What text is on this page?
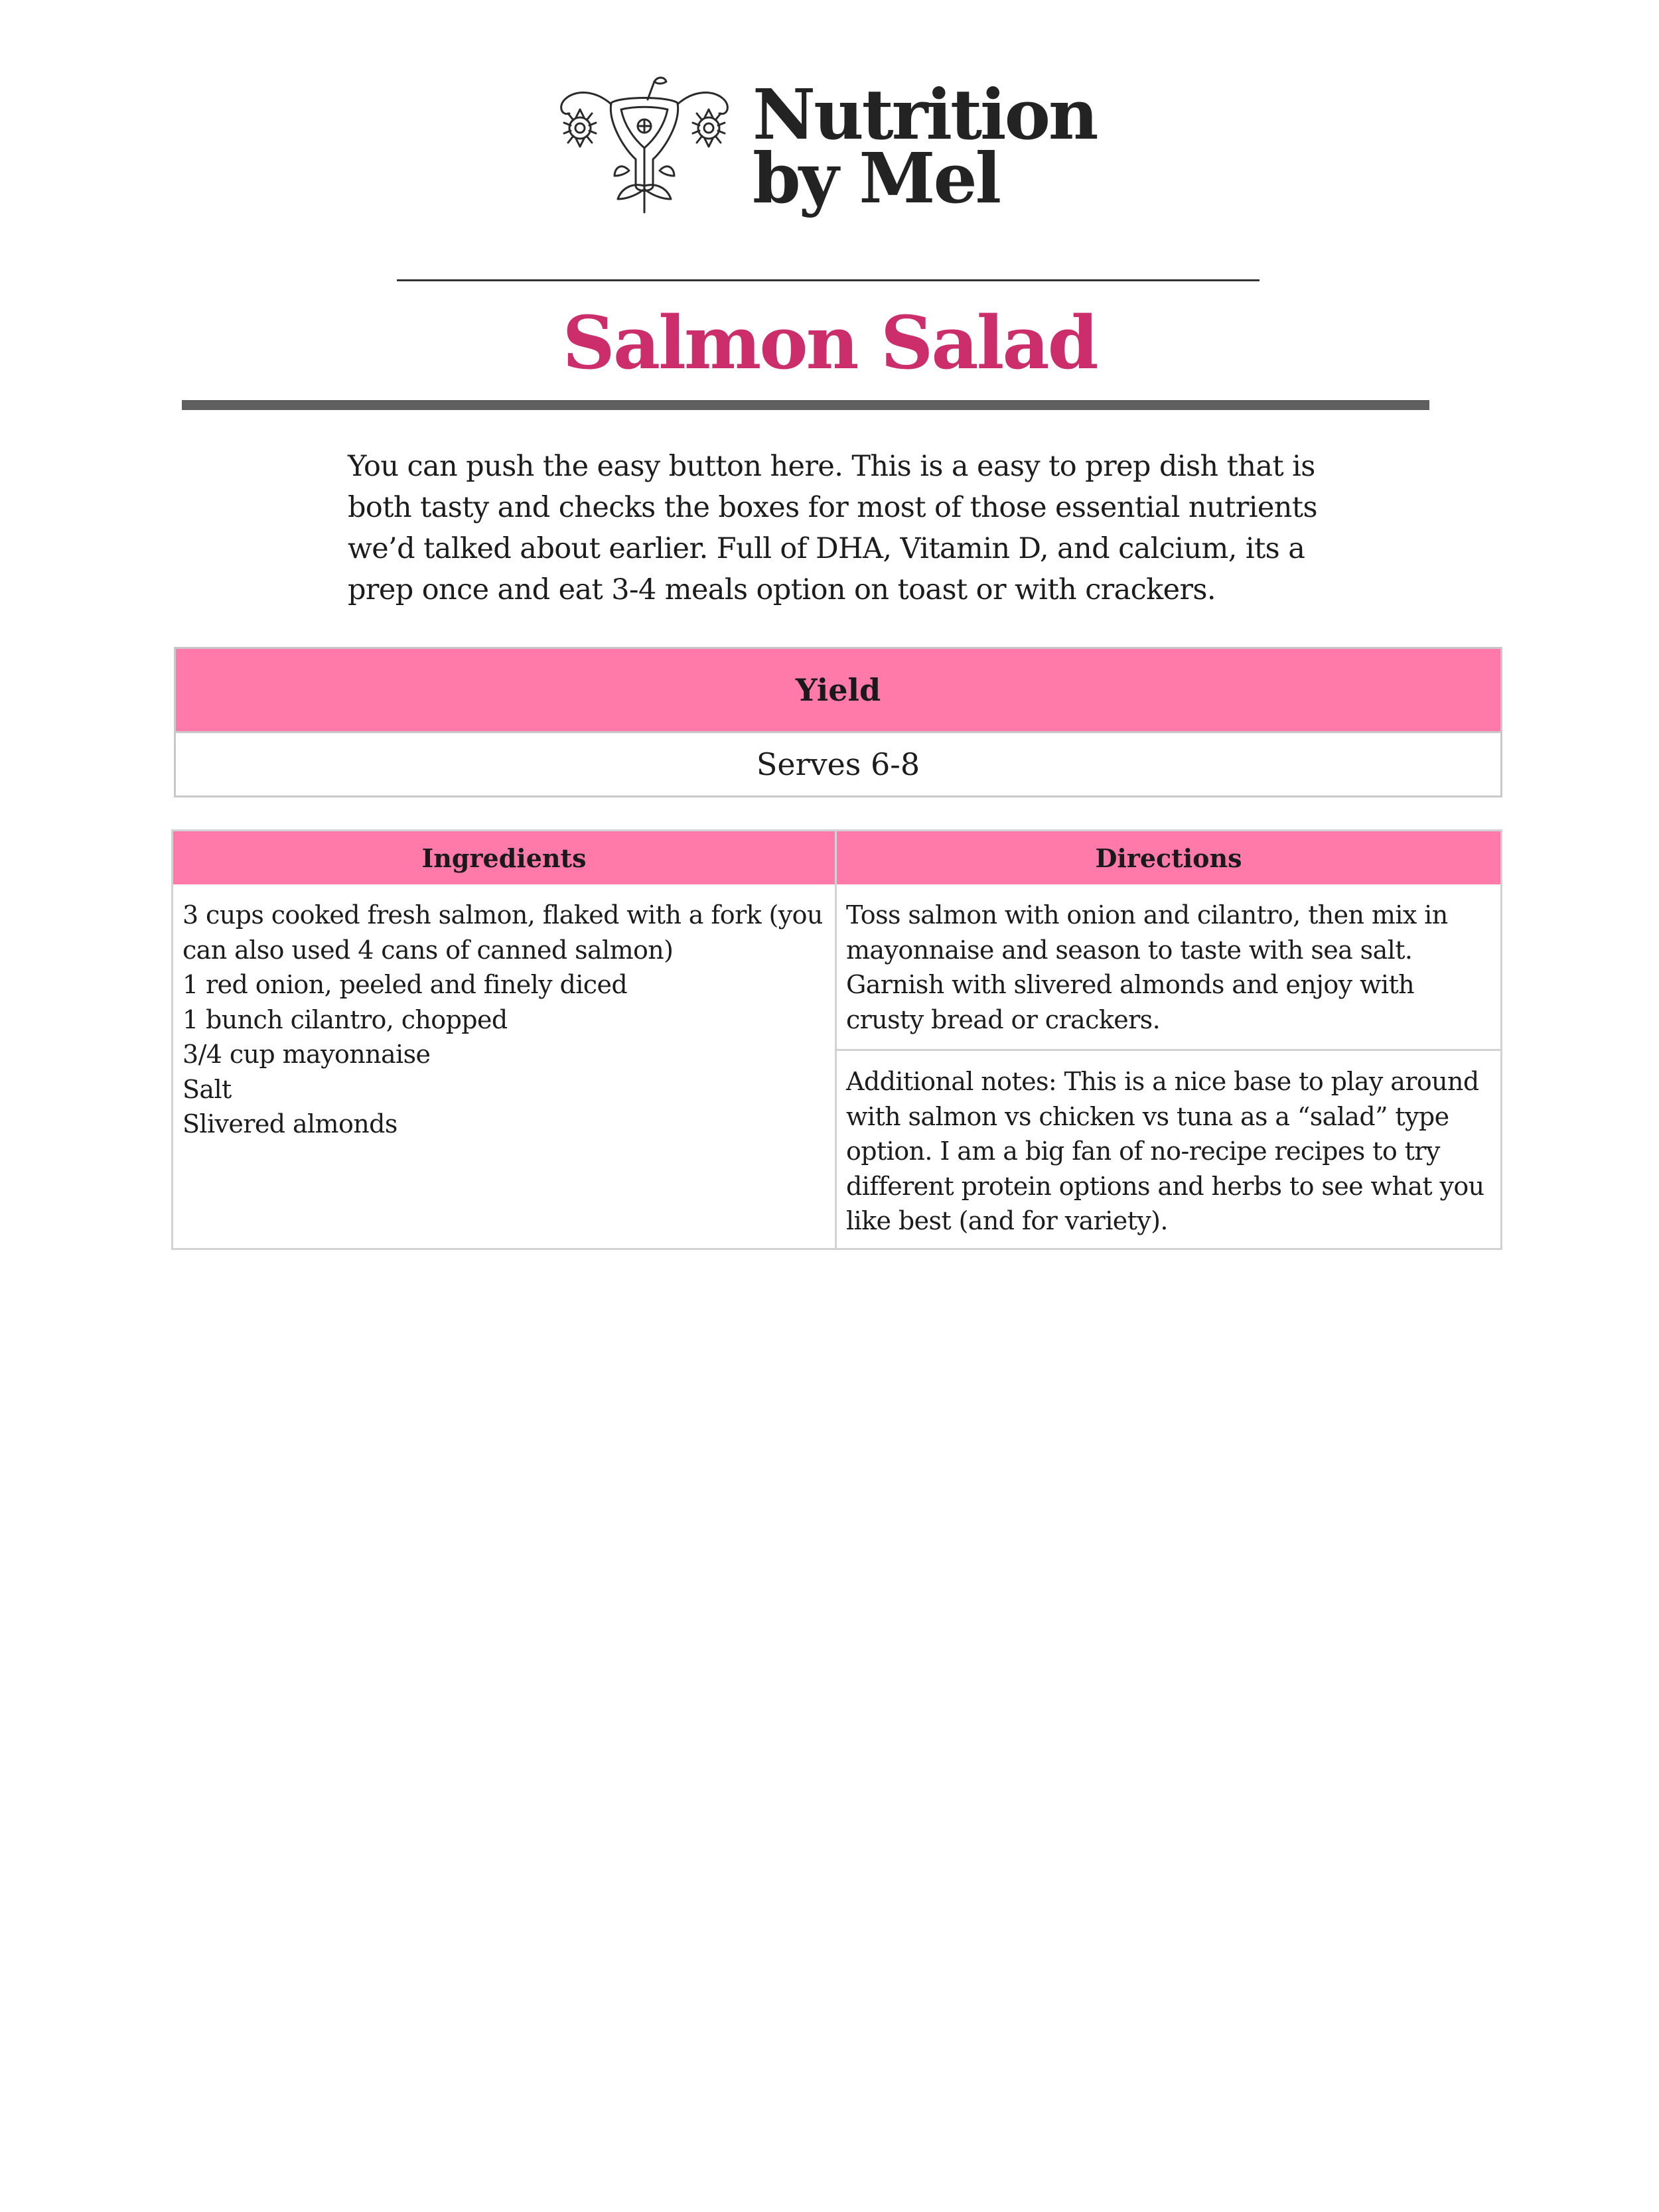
Nutrition
by Mel
Salmon Salad

You can push the easy button here. This is a easy to prep dish that is both tasty and checks the boxes for most of those essential nutrients we’d talked about earlier. Full of DHA, Vitamin D, and calcium, its a prep once and eat 3-4 meals option on toast or with crackers.

Yield
Serves 6-8
Ingredients
3 cups cooked fresh salmon, flaked with a fork (you can also used 4 cans of canned salmon)
1 red onion, peeled and finely diced
1 bunch cilantro, chopped
3/4 cup mayonnaise
Salt
Slivered almonds
Directions
Toss salmon with onion and cilantro, then mix in mayonnaise and season to taste with sea salt. Garnish with slivered almonds and enjoy with crusty bread or crackers.
Additional notes: This is a nice base to play around with salmon vs chicken vs tuna as a “salad” type option. I am a big fan of no-recipe recipes to try different protein options and herbs to see what you like best (and for variety).
